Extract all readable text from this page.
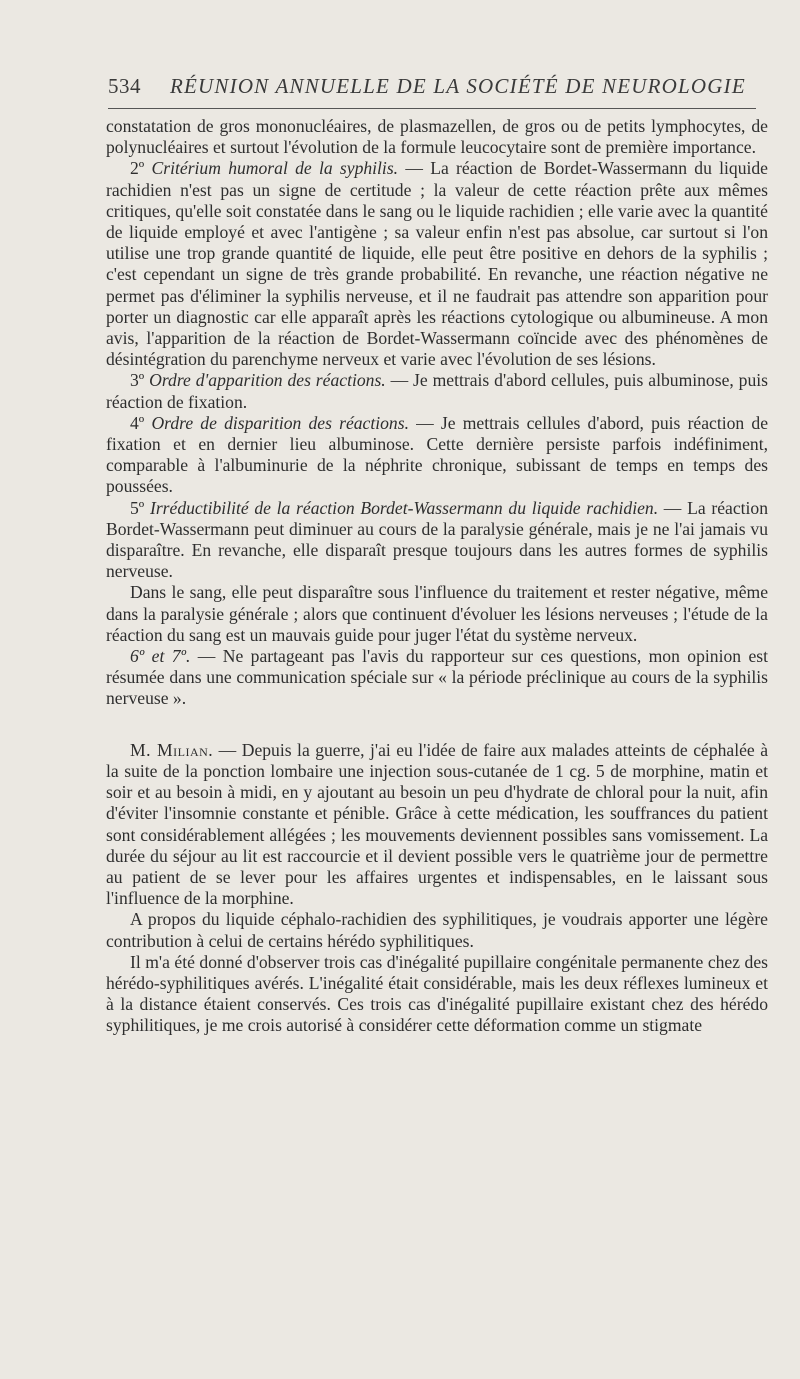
534 RÉUNION ANNUELLE DE LA SOCIÉTÉ DE NEUROLOGIE

constatation de gros mononucléaires, de plasmazellen, de gros ou de petits lymphocytes, de polynucléaires et surtout l'évolution de la formule leucocytaire sont de première importance.

2º Critérium humoral de la syphilis. — La réaction de Bordet-Wassermann du liquide rachidien n'est pas un signe de certitude ; la valeur de cette réaction prête aux mêmes critiques, qu'elle soit constatée dans le sang ou le liquide rachidien ; elle varie avec la quantité de liquide employé et avec l'antigène ; sa valeur enfin n'est pas absolue, car surtout si l'on utilise une trop grande quantité de liquide, elle peut être positive en dehors de la syphilis ; c'est cependant un signe de très grande probabilité. En revanche, une réaction négative ne permet pas d'éliminer la syphilis nerveuse, et il ne faudrait pas attendre son apparition pour porter un diagnostic car elle apparaît après les réactions cytologique ou albumineuse. A mon avis, l'apparition de la réaction de Bordet-Wassermann coïncide avec des phénomènes de désintégration du parenchyme nerveux et varie avec l'évolution de ses lésions.

3º Ordre d'apparition des réactions. — Je mettrais d'abord cellules, puis albuminose, puis réaction de fixation.

4º Ordre de disparition des réactions. — Je mettrais cellules d'abord, puis réaction de fixation et en dernier lieu albuminose. Cette dernière persiste parfois indéfiniment, comparable à l'albuminurie de la néphrite chronique, subissant de temps en temps des poussées.

5º Irréductibilité de la réaction Bordet-Wassermann du liquide rachidien. — La réaction Bordet-Wassermann peut diminuer au cours de la paralysie générale, mais je ne l'ai jamais vu disparaître. En revanche, elle disparaît presque toujours dans les autres formes de syphilis nerveuse.

Dans le sang, elle peut disparaître sous l'influence du traitement et rester négative, même dans la paralysie générale ; alors que continuent d'évoluer les lésions nerveuses ; l'étude de la réaction du sang est un mauvais guide pour juger l'état du système nerveux.

6º et 7º. — Ne partageant pas l'avis du rapporteur sur ces questions, mon opinion est résumée dans une communication spéciale sur « la période préclinique au cours de la syphilis nerveuse ».

M. Milian. — Depuis la guerre, j'ai eu l'idée de faire aux malades atteints de céphalée à la suite de la ponction lombaire une injection sous-cutanée de 1 cg. 5 de morphine, matin et soir et au besoin à midi, en y ajoutant au besoin un peu d'hydrate de chloral pour la nuit, afin d'éviter l'insomnie constante et pénible. Grâce à cette médication, les souffrances du patient sont considérablement allégées ; les mouvements deviennent possibles sans vomissement. La durée du séjour au lit est raccourcie et il devient possible vers le quatrième jour de permettre au patient de se lever pour les affaires urgentes et indispensables, en le laissant sous l'influence de la morphine.

A propos du liquide céphalo-rachidien des syphilitiques, je voudrais apporter une légère contribution à celui de certains hérédo syphilitiques.

Il m'a été donné d'observer trois cas d'inégalité pupillaire congénitale permanente chez des hérédo-syphilitiques avérés. L'inégalité était considérable, mais les deux réflexes lumineux et à la distance étaient conservés. Ces trois cas d'inégalité pupillaire existant chez des hérédo syphilitiques, je me crois autorisé à considérer cette déformation comme un stigmate
